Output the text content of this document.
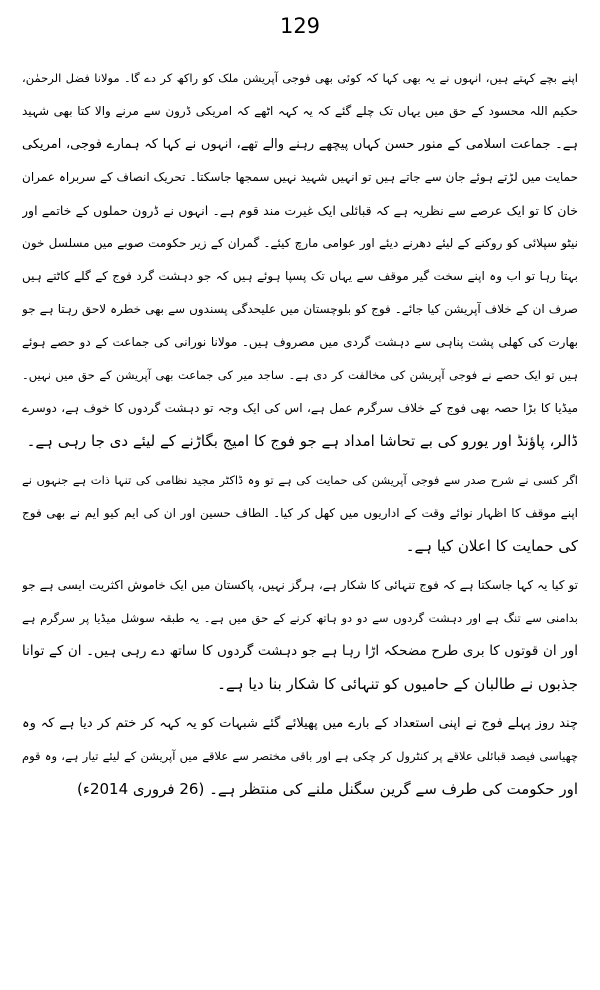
129
اپنے بچے کہتے ہیں، انہوں نے یہ بھی کہا کہ کوئی بھی فوجی آپریشن ملک کو راکھ کر دے گا۔ مولانا فضل الرحمٰن،
حکیم اللہ محسود کے حق میں یہاں تک چلے گئے کہ یہ کہہ اٹھے کہ امریکی ڈرون سے مرنے والا کتا بھی شہید
ہے۔ جماعت اسلامی کے منور حسن کہاں پیچھے رہنے والے تھے، انہوں نے کہا کہ ہمارے فوجی، امریکی
حمایت میں لڑتے ہوئے جان سے جاتے ہیں تو انہیں شہید نہیں سمجھا جاسکتا۔ تحریک انصاف کے سربراہ عمران
خان کا تو ایک عرصے سے نظریہ ہے کہ قبائلی ایک غیرت مند قوم ہے۔ انہوں نے ڈرون حملوں کے خاتمے اور
نیٹو سپلائی کو روکنے کے لیئے دھرنے دیئے اور عوامی مارچ کیئے۔ گمران کے زیر حکومت صوبے میں مسلسل خون
بہتا رہا تو اب وہ اپنے سخت گیر موقف سے یہاں تک پسپا ہوئے ہیں کہ جو دہشت گرد فوج کے گلے کاٹتے ہیں
صرف ان کے خلاف آپریشن کیا جائے۔ فوج کو بلوچستان میں علیحدگی پسندوں سے بھی خطرہ لاحق رہتا ہے جو
بھارت کی کھلی پشت پناہی سے دہشت گردی میں مصروف ہیں۔ مولانا نورانی کی جماعت کے دو حصے ہوئے
ہیں تو ایک حصے نے فوجی آپریشن کی مخالفت کر دی ہے۔ ساجد میر کی جماعت بھی آپریشن کے حق میں نہیں۔
میڈیا کا بڑا حصہ بھی فوج کے خلاف سرگرم عمل ہے، اس کی ایک وجہ تو دہشت گردوں کا خوف ہے، دوسرے
ڈالر، پاؤنڈ اور یورو کی بے تحاشا امداد ہے جو فوج کا امیج بگاڑنے کے لیئے دی جا رہی ہے۔
اگر کسی نے شرح صدر سے فوجی آپریشن کی حمایت کی ہے تو وہ ڈاکٹر مجید نظامی کی تنہا ذات ہے جنہوں نے
اپنے موقف کا اظہار نوائے وقت کے اداریوں میں کھل کر کیا۔ الطاف حسین اور ان کی ایم کیو ایم نے بھی فوج
کی حمایت کا اعلان کیا ہے۔
تو کیا یہ کہا جاسکتا ہے کہ فوج تنہائی کا شکار ہے، ہرگز نہیں، پاکستان میں ایک خاموش اکثریت ایسی ہے جو
بدامنی سے تنگ ہے اور دہشت گردوں سے دو دو ہاتھ کرنے کے حق میں ہے۔ یہ طبقہ سوشل میڈیا پر سرگرم ہے
اور ان قوتوں کا بری طرح مضحکہ اڑا رہا ہے جو دہشت گردوں کا ساتھ دے رہی ہیں۔ ان کے توانا
جذبوں نے طالبان کے حامیوں کو تنہائی کا شکار بنا دیا ہے۔
چند روز پہلے فوج نے اپنی استعداد کے بارے میں پھیلائے گئے شبہات کو یہ کہہ کر ختم کر دیا ہے کہ وہ
چھیاسی فیصد قبائلی علاقے پر کنٹرول کر چکی ہے اور باقی مختصر سے علاقے میں آپریشن کے لیئے تیار ہے، وہ قوم
اور حکومت کی طرف سے گرین سگنل ملنے کی منتظر ہے۔ (26 فروری 2014ء)
